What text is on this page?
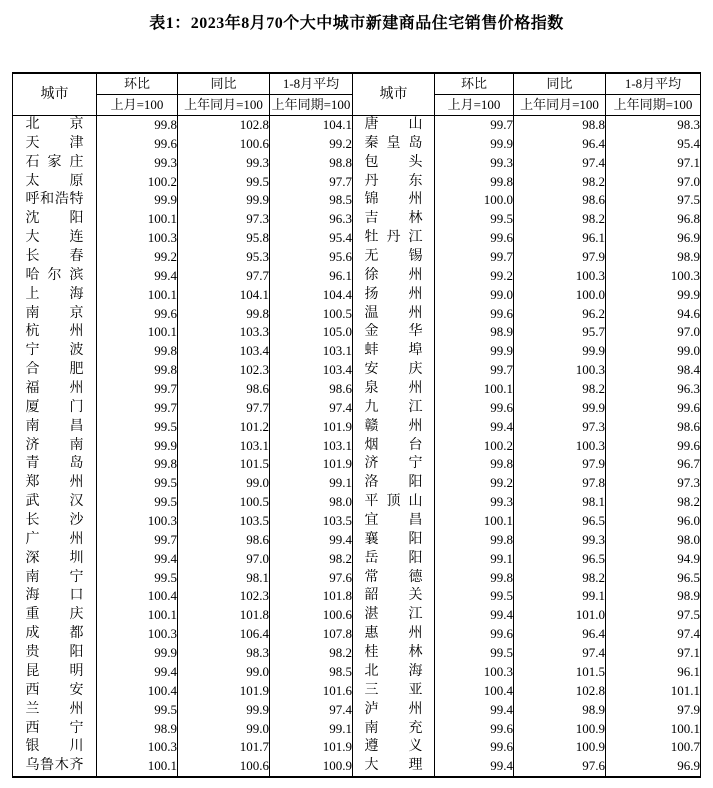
表1：2023年8月70个大中城市新建商品住宅销售价格指数
城市	环比	同比	1-8月平均	城市	环比	同比	1-8月平均
	上月=100	上年同月=100	上年同期=100		上月=100	上年同月=100	上年同期=100

北京	99.8	102.8	104.1	唐山	99.7	98.8	98.3

天津	99.6	100.6	99.2	秦皇岛	99.9	96.4	95.4

石家庄	99.3	99.3	98.8	包头	99.3	97.4	97.1

太原	100.2	99.5	97.7	丹东	99.8	98.2	97.0

呼和浩特	99.9	99.9	98.5	锦州	100.0	98.6	97.5

沈阳	100.1	97.3	96.3	吉林	99.5	98.2	96.8

大连	100.3	95.8	95.4	牡丹江	99.6	96.1	96.9

长春	99.2	95.3	95.6	无锡	99.7	97.9	98.9

哈尔滨	99.4	97.7	96.1	徐州	99.2	100.3	100.3

上海	100.1	104.1	104.4	扬州	99.0	100.0	99.9

南京	99.6	99.8	100.5	温州	99.6	96.2	94.6

杭州	100.1	103.3	105.0	金华	98.9	95.7	97.0

宁波	99.8	103.4	103.1	蚌埠	99.9	99.9	99.0

合肥	99.8	102.3	103.4	安庆	99.7	100.3	98.4

福州	99.7	98.6	98.6	泉州	100.1	98.2	96.3

厦门	99.7	97.7	97.4	九江	99.6	99.9	99.6

南昌	99.5	101.2	101.9	赣州	99.4	97.3	98.6

济南	99.9	103.1	103.1	烟台	100.2	100.3	99.6

青岛	99.8	101.5	101.9	济宁	99.8	97.9	96.7

郑州	99.5	99.0	99.1	洛阳	99.2	97.8	97.3

武汉	99.5	100.5	98.0	平顶山	99.3	98.1	98.2

长沙	100.3	103.5	103.5	宜昌	100.1	96.5	96.0

广州	99.7	98.6	99.4	襄阳	99.8	99.3	98.0

深圳	99.4	97.0	98.2	岳阳	99.1	96.5	94.9

南宁	99.5	98.1	97.6	常德	99.8	98.2	96.5

海口	100.4	102.3	101.8	韶关	99.5	99.1	98.9

重庆	100.1	101.8	100.6	湛江	99.4	101.0	97.5

成都	100.3	106.4	107.8	惠州	99.6	96.4	97.4

贵阳	99.9	98.3	98.2	桂林	99.5	97.4	97.1

昆明	99.4	99.0	98.5	北海	100.3	101.5	96.1

西安	100.4	101.9	101.6	三亚	100.4	102.8	101.1

兰州	99.5	99.9	97.4	泸州	99.4	98.9	97.9

西宁	98.9	99.0	99.1	南充	99.6	100.9	100.1

银川	100.3	101.7	101.9	遵义	99.6	100.9	100.7

乌鲁木齐	100.1	100.6	100.9	大理	99.4	97.6	96.9
